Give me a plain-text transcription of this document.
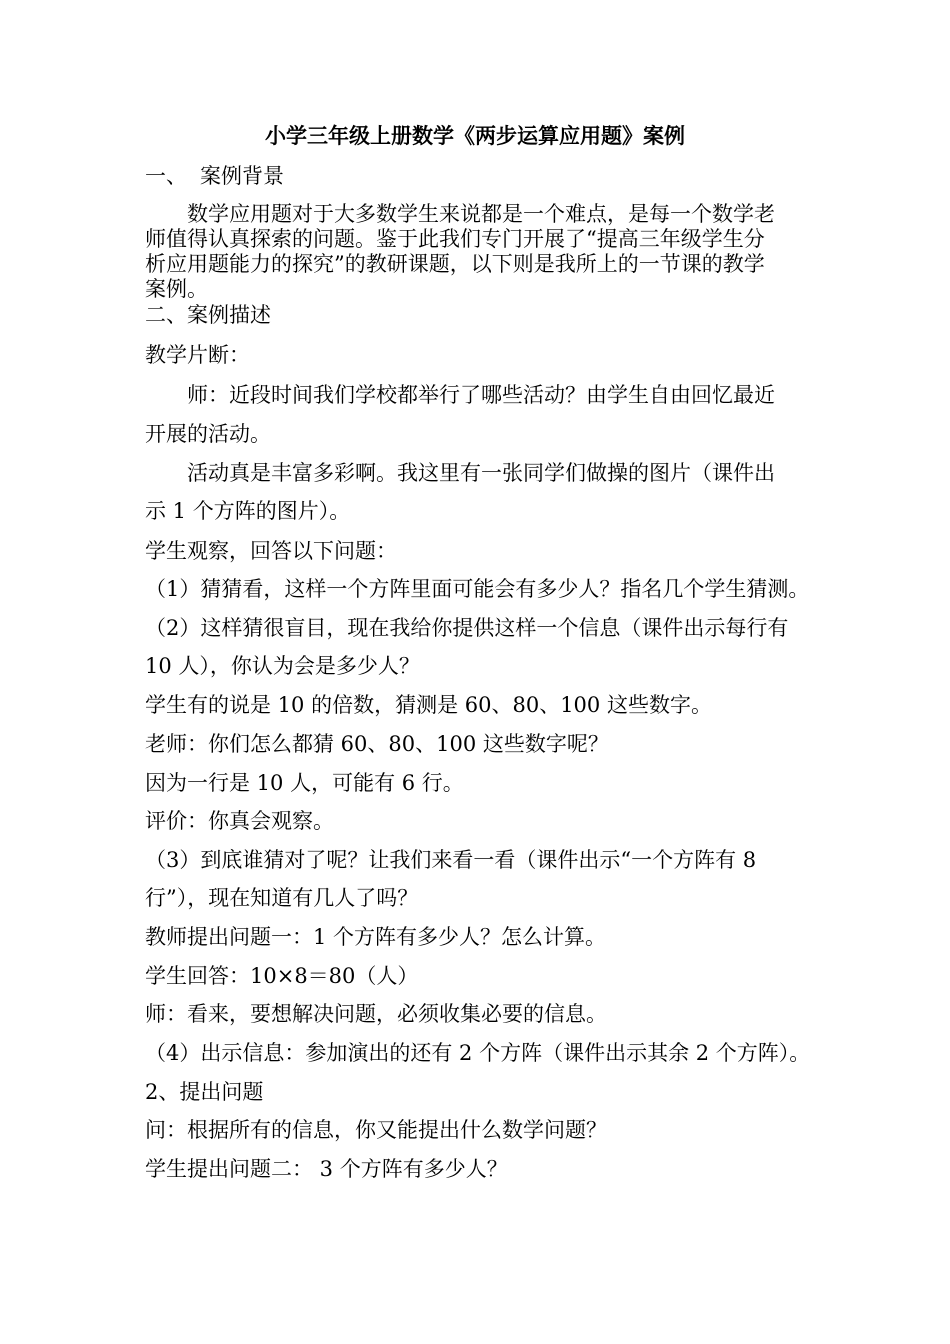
小学三年级上册数学《两步运算应用题》案例
一、 案例背景

数学应用题对于大多数学生来说都是一个难点，是每一个数学老

师值得认真探索的问题。鉴于此我们专门开展了“提高三年级学生分

析应用题能力的探究”的教研课题，以下则是我所上的一节课的教学

案例。

二、案例描述
教学片断：

师：近段时间我们学校都举行了哪些活动？由学生自由回忆最近

开展的活动。

活动真是丰富多彩啊。我这里有一张同学们做操的图片（课件出

示 1 个方阵的图片）。

学生观察，回答以下问题：

（1）猜猜看，这样一个方阵里面可能会有多少人？指名几个学生猜测。

（2）这样猜很盲目，现在我给你提供这样一个信息（课件出示每行有

10 人），你认为会是多少人？

学生有的说是 10 的倍数，猜测是 60、80、100 这些数字。

老师：你们怎么都猜 60、80、100 这些数字呢？

因为一行是 10 人，可能有 6 行。

评价：你真会观察。

（3）到底谁猜对了呢？让我们来看一看（课件出示“一个方阵有 8

行”），现在知道有几人了吗？

教师提出问题一：1 个方阵有多少人？怎么计算。

学生回答：10×8＝80（人）

师：看来，要想解决问题，必须收集必要的信息。

（4）出示信息：参加演出的还有 2 个方阵（课件出示其余 2 个方阵）。

2、提出问题

问：根据所有的信息，你又能提出什么数学问题？

学生提出问题二： 3 个方阵有多少人？
